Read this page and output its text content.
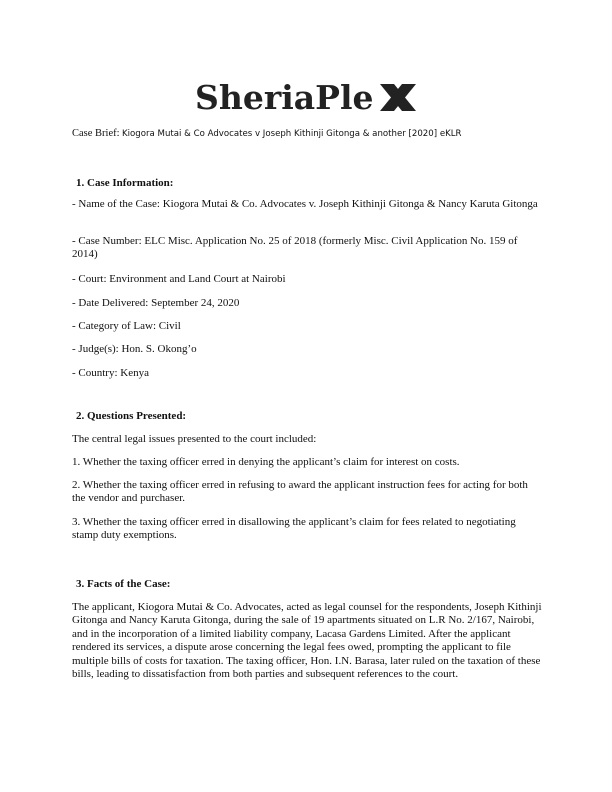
SheriaPle
Case Brief: Kiogora Mutai & Co Advocates v Joseph Kithinji Gitonga & another [2020] eKLR
1. Case Information:
- Name of the Case: Kiogora Mutai & Co. Advocates v. Joseph Kithinji Gitonga & Nancy Karuta Gitonga
- Case Number: ELC Misc. Application No. 25 of 2018 (formerly Misc. Civil Application No. 159 of 2014)
- Court: Environment and Land Court at Nairobi
- Date Delivered: September 24, 2020
- Category of Law: Civil
- Judge(s): Hon. S. Okong’o
- Country: Kenya
2. Questions Presented:
The central legal issues presented to the court included:
1. Whether the taxing officer erred in denying the applicant’s claim for interest on costs.
2. Whether the taxing officer erred in refusing to award the applicant instruction fees for acting for both the vendor and purchaser.
3. Whether the taxing officer erred in disallowing the applicant’s claim for fees related to negotiating stamp duty exemptions.
3. Facts of the Case:
The applicant, Kiogora Mutai & Co. Advocates, acted as legal counsel for the respondents, Joseph Kithinji Gitonga and Nancy Karuta Gitonga, during the sale of 19 apartments situated on L.R No. 2/167, Nairobi, and in the incorporation of a limited liability company, Lacasa Gardens Limited. After the applicant rendered its services, a dispute arose concerning the legal fees owed, prompting the applicant to file multiple bills of costs for taxation. The taxing officer, Hon. I.N. Barasa, later ruled on the taxation of these bills, leading to dissatisfaction from both parties and subsequent references to the court.
